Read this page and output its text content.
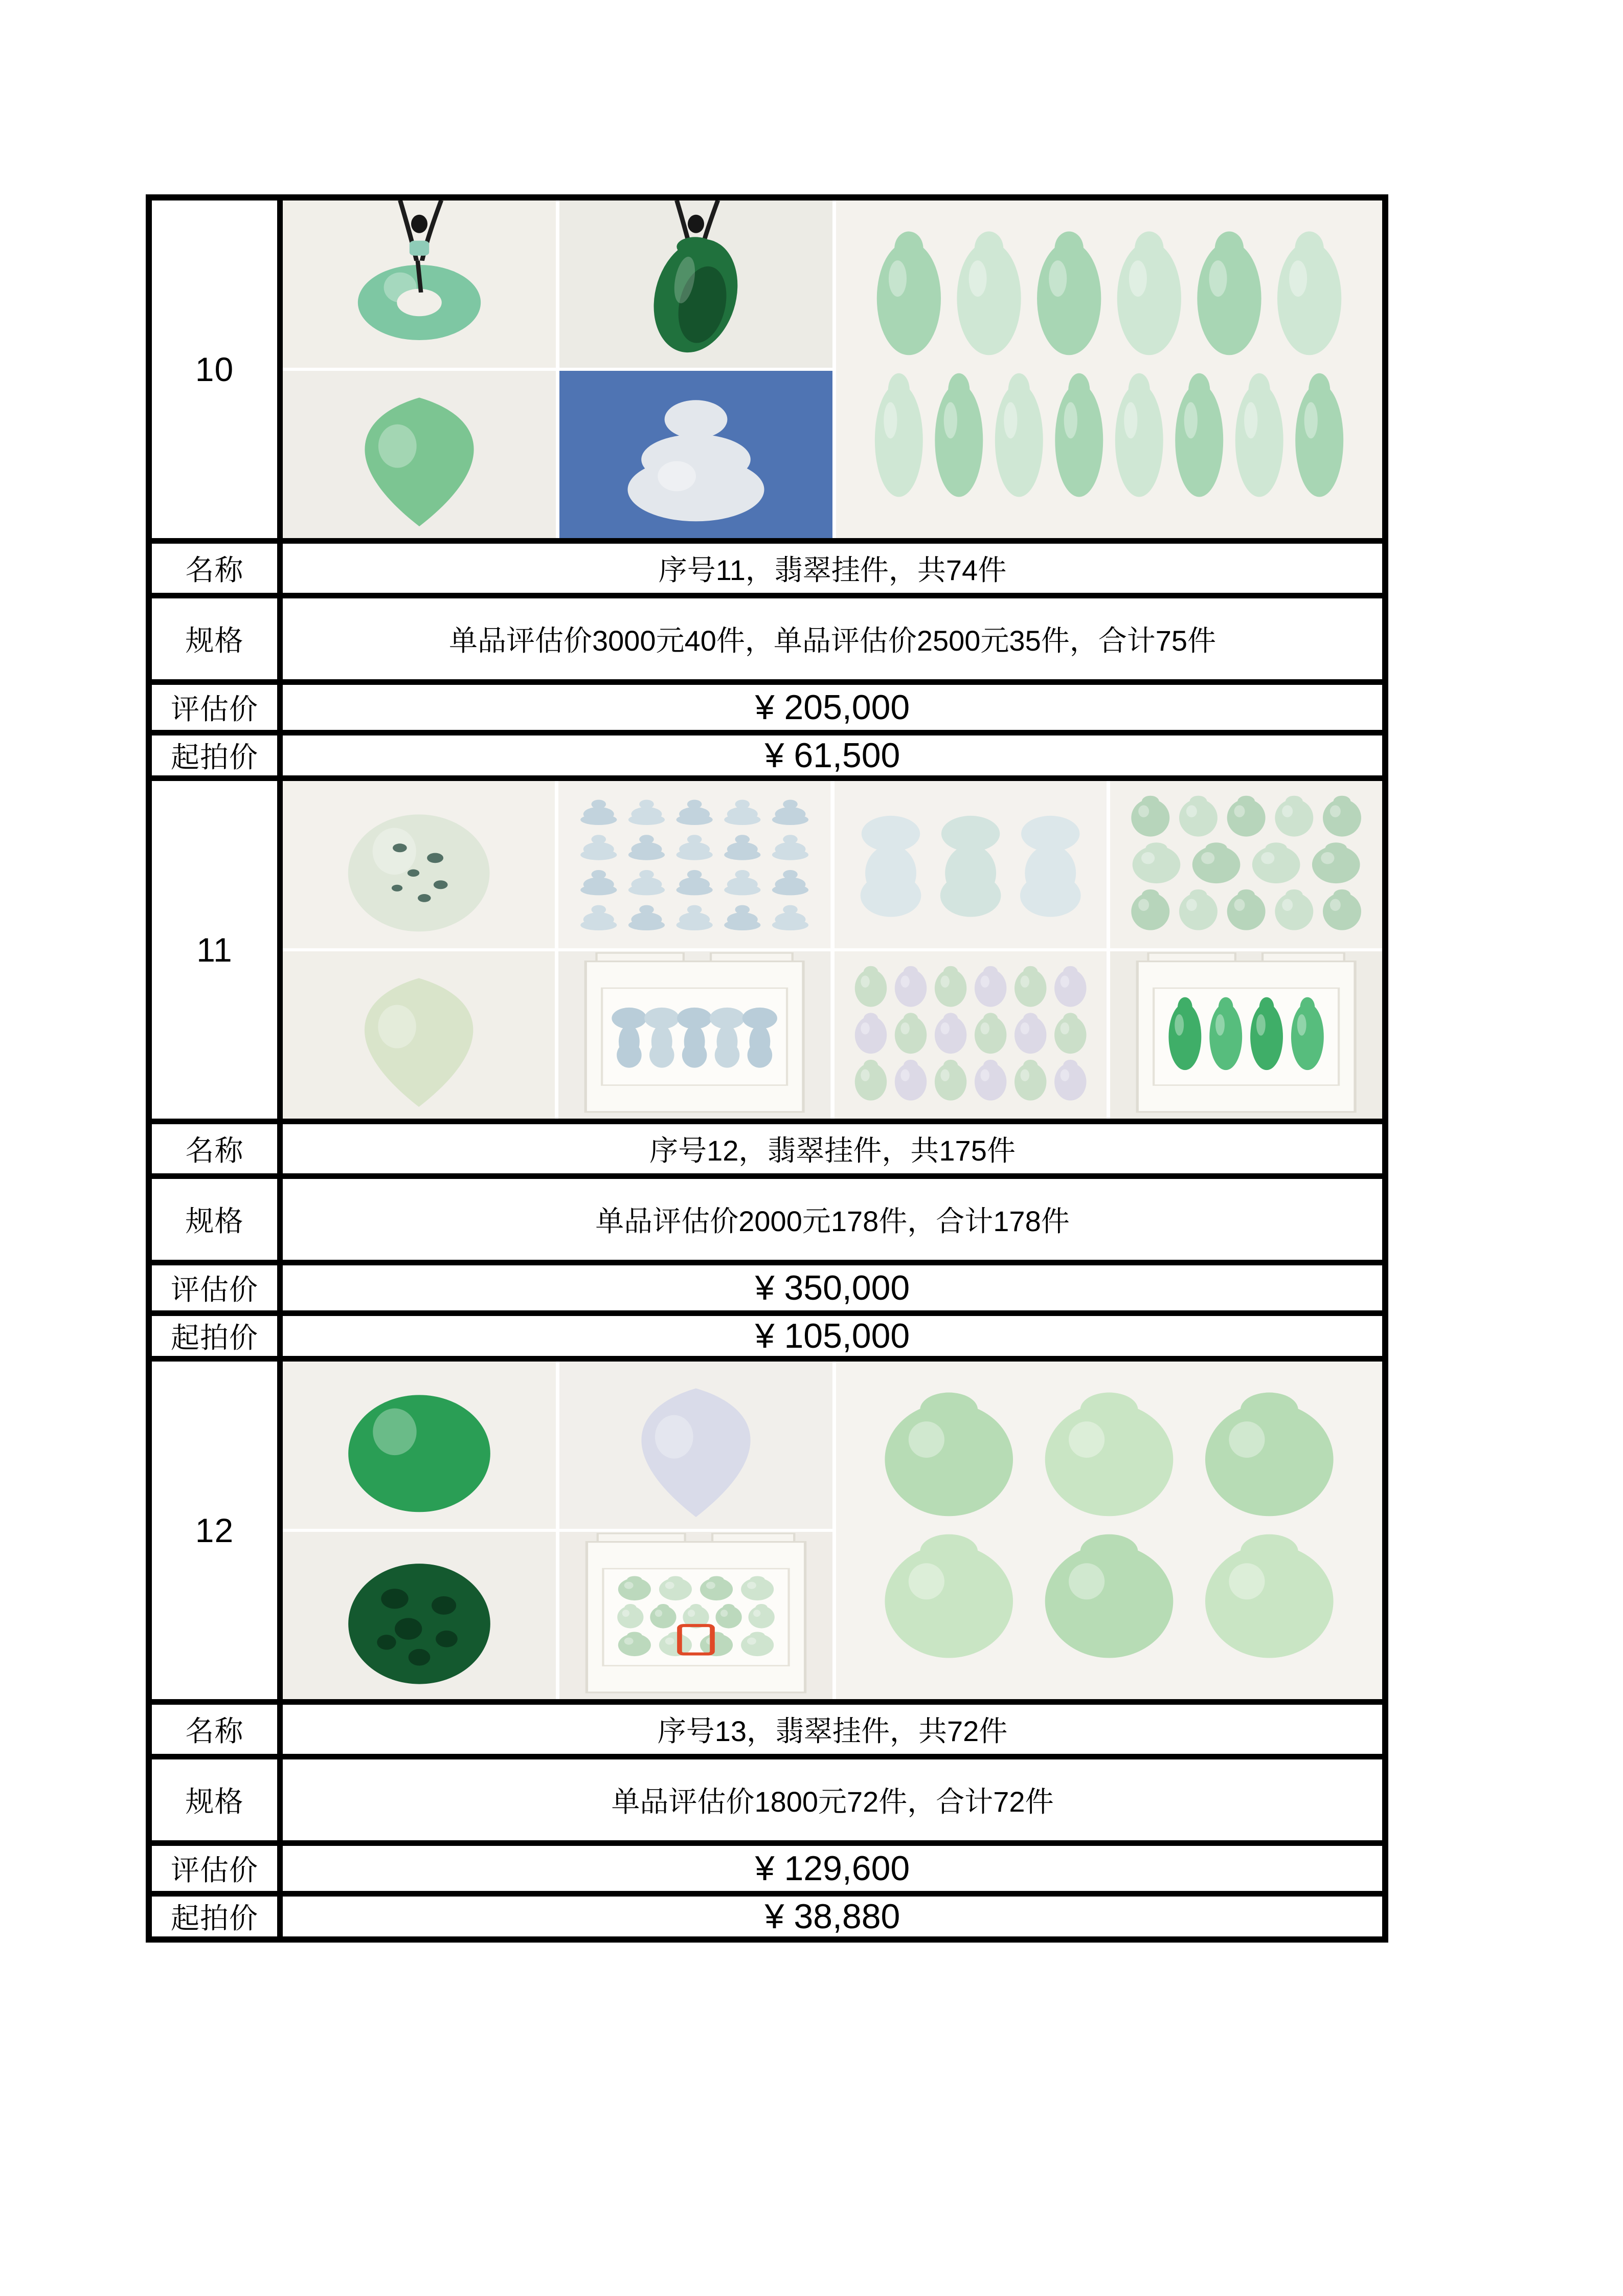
10
名称	序号11，翡翠挂件，共74件
规格	单品评估价3000元40件，单品评估价2500元35件，合计75件
评估价	¥ 205,000
起拍价	¥ 61,500
11
名称	序号12，翡翠挂件，共175件
规格	单品评估价2000元178件，合计178件
评估价	¥ 350,000
起拍价	¥ 105,000
12
名称	序号13，翡翠挂件，共72件
规格	单品评估价1800元72件，合计72件
评估价	¥ 129,600
起拍价	¥ 38,880
